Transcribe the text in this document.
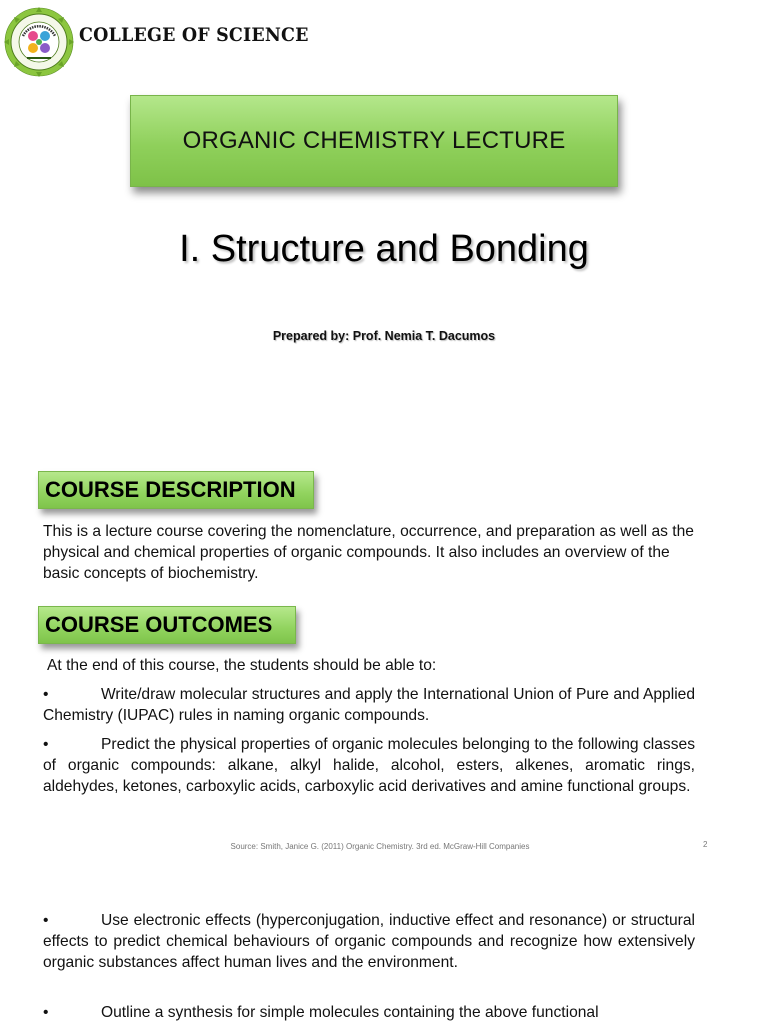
COLLEGE OF SCIENCE
ORGANIC CHEMISTRY LECTURE
I. Structure and Bonding
Prepared by: Prof. Nemia T. Dacumos
COURSE DESCRIPTION
This is a lecture course covering the nomenclature, occurrence, and preparation as well as the physical and chemical properties of organic compounds. It also includes an overview of the basic concepts of biochemistry.
COURSE OUTCOMES
At the end of this course, the students should be able to:
•	Write/draw molecular structures and apply the International Union of Pure and Applied Chemistry (IUPAC) rules in naming organic compounds.
•	Predict the physical properties of organic molecules belonging to the following classes of organic compounds: alkane, alkyl halide, alcohol, esters, alkenes, aromatic rings, aldehydes, ketones, carboxylic acids, carboxylic acid derivatives and amine functional groups.
Source: Smith, Janice G. (2011) Organic Chemistry. 3rd ed. McGraw-Hill Companies	2
•	Use electronic effects (hyperconjugation, inductive effect and resonance) or structural effects to predict chemical behaviours of organic compounds and recognize how extensively organic substances affect human lives and the environment.
•	Outline a synthesis for simple molecules containing the above functional
